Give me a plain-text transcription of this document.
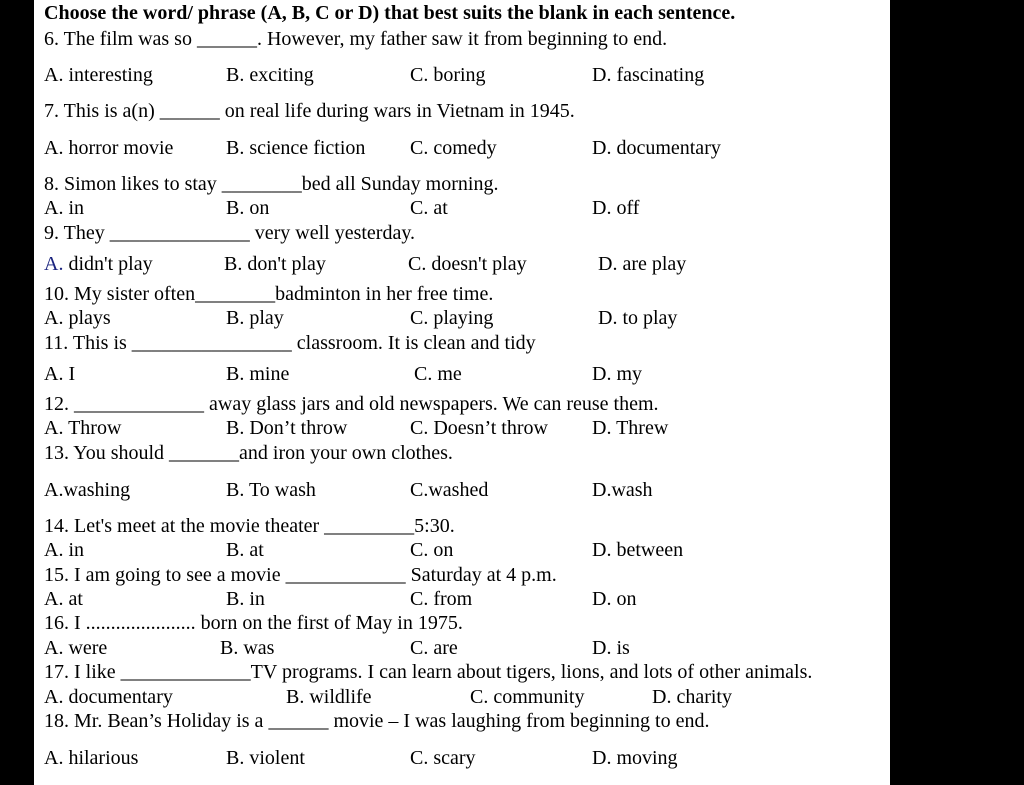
Choose the word/ phrase (A, B, C or D) that best suits the blank in each sentence.
6. The film was so ______. However, my father saw it from beginning to end.
A. interesting	B. exciting	C. boring	D. fascinating
7. This is a(n) ______ on real life during wars in Vietnam in 1945.
A. horror movie	B. science fiction C. comedy	D. documentary
8. Simon likes to stay ________bed all Sunday morning.
A. in	B. on	C. at	D. off
9. They ______________ very well yesterday.
A. didn't play	B. don't play	C. doesn't play	D. are play
10. My sister often________badminton in her free time.
A. plays	B. play	C. playing	D. to play
11. This is ________________ classroom. It is clean and tidy
A. I	B. mine	C. me	D. my
12. _____________ away glass jars and old newspapers. We can reuse them.
A. Throw	B. Don’t throw	C. Doesn’t throw D. Threw
13. You should _______and iron your own clothes.
A.washing	B. To wash	C.washed	D.wash
14. Let's meet at the movie theater _________5:30.
A. in	B. at	C. on	D. between
15. I am going to see a movie ____________ Saturday at 4 p.m.
A. at	B. in	C. from	D. on
16. I ...................... born on the first of May in 1975.
A. were	B. was	C. are	D. is
17. I like _____________TV programs. I can learn about tigers, lions, and lots of other animals.
A. documentary	B. wildlife	C. community	D. charity
18. Mr. Bean’s Holiday is a ______ movie – I was laughing from beginning to end.
A. hilarious	B. violent	C. scary	D. moving
